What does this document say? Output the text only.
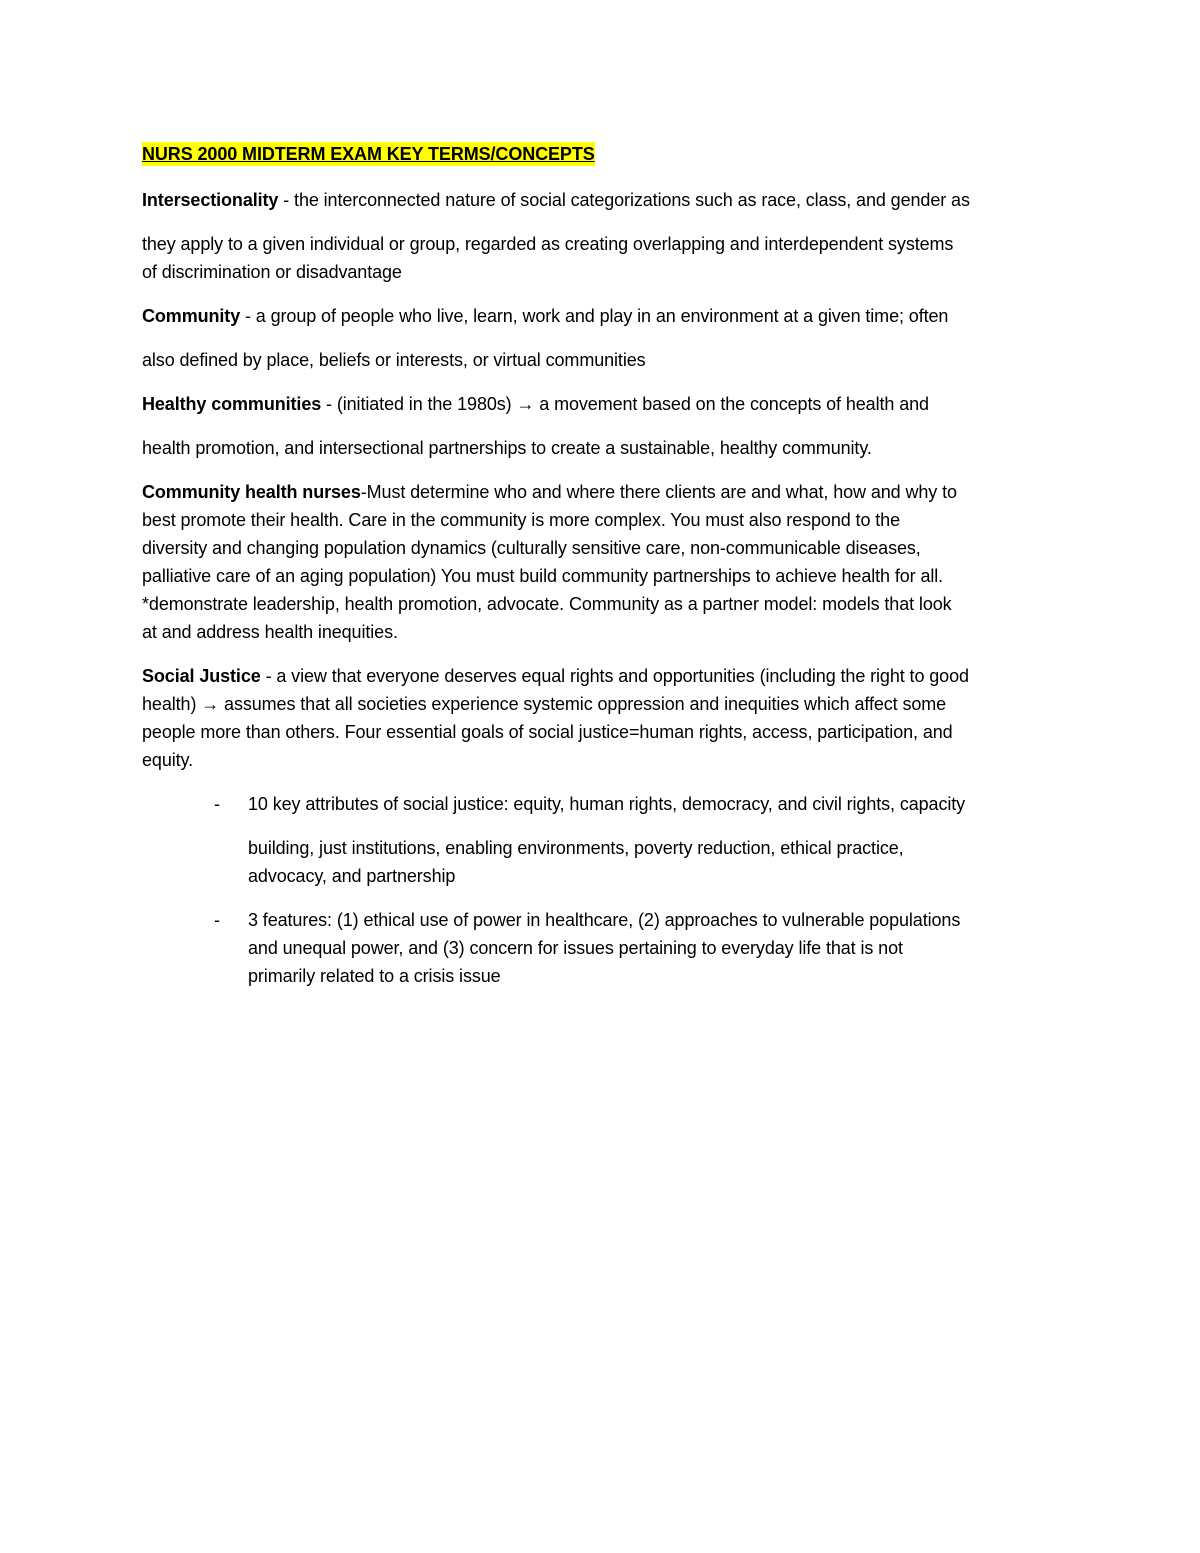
NURS 2000 MIDTERM EXAM KEY TERMS/CONCEPTS

Intersectionality - the interconnected nature of social categorizations such as race, class, and gender as

they apply to a given individual or group, regarded as creating overlapping and interdependent systems

of discrimination or disadvantage

Community - a group of people who live, learn, work and play in an environment at a given time; often

also defined by place, beliefs or interests, or virtual communities

Healthy communities - (initiated in the 1980s) → a movement based on the concepts of health and

health promotion, and intersectional partnerships to create a sustainable, healthy community.

Community health nurses-Must determine who and where there clients are and what, how and why to

best promote their health. Care in the community is more complex. You must also respond to the

diversity and changing population dynamics (culturally sensitive care, non-communicable diseases,

palliative care of an aging population) You must build community partnerships to achieve health for all.

*demonstrate leadership, health promotion, advocate. Community as a partner model: models that look

at and address health inequities.

Social Justice - a view that everyone deserves equal rights and opportunities (including the right to good

health) → assumes that all societies experience systemic oppression and inequities which affect some

people more than others. Four essential goals of social justice=human rights, access, participation, and

equity.

- 10 key attributes of social justice: equity, human rights, democracy, and civil rights, capacity

building, just institutions, enabling environments, poverty reduction, ethical practice,

advocacy, and partnership

- 3 features: (1) ethical use of power in healthcare, (2) approaches to vulnerable populations

and unequal power, and (3) concern for issues pertaining to everyday life that is not

primarily related to a crisis issue
